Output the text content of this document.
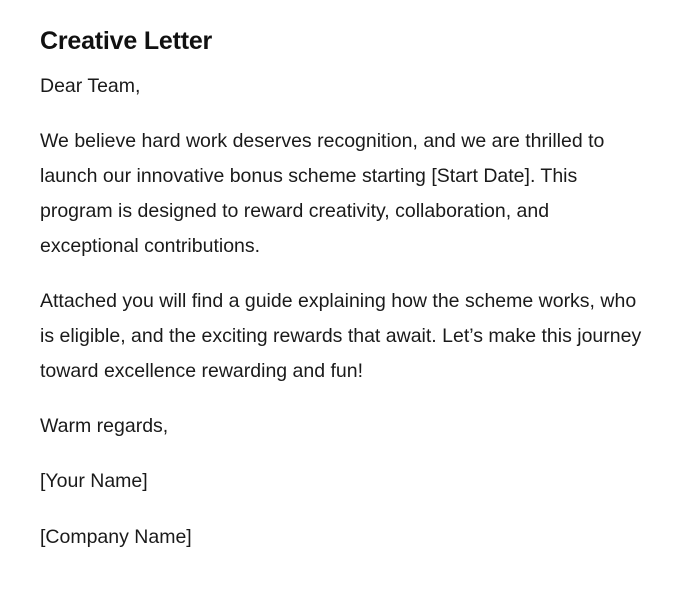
Creative Letter

Dear Team,

We believe hard work deserves recognition, and we are thrilled to launch our innovative bonus scheme starting [Start Date]. This program is designed to reward creativity, collaboration, and exceptional contributions.

Attached you will find a guide explaining how the scheme works, who is eligible, and the exciting rewards that await. Let’s make this journey toward excellence rewarding and fun!

Warm regards,

[Your Name]

[Company Name]
